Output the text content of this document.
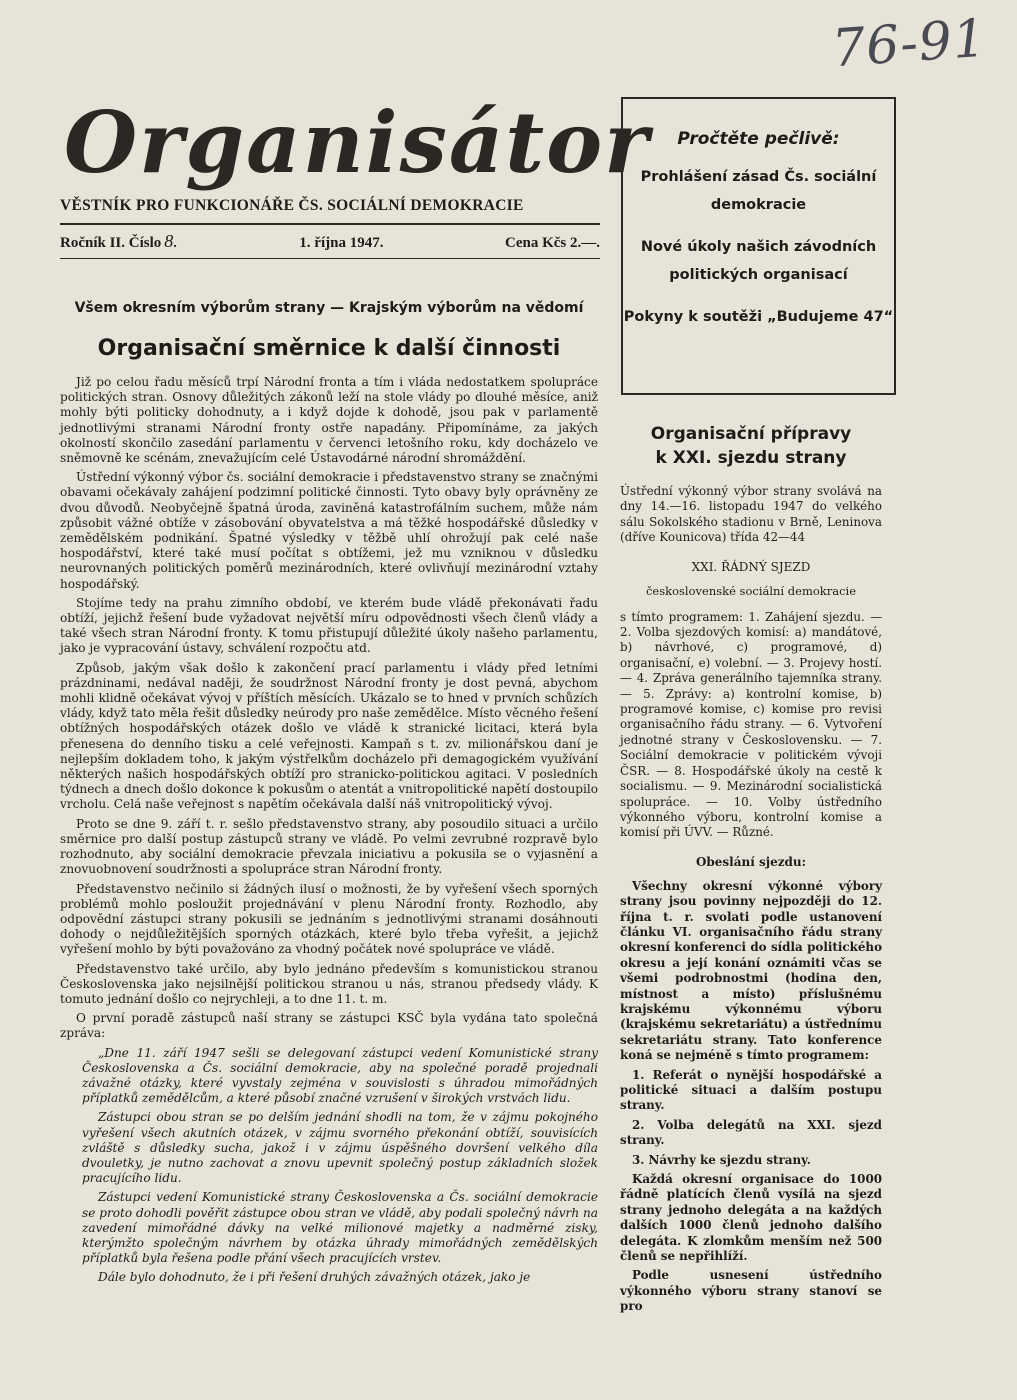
76-91
Organisátor
VĚSTNÍK PRO FUNKCIONÁŘE ČS. SOCIÁLNÍ DEMOKRACIE
Ročník II. Číslo 8.	1. října 1947.	Cena Kčs 2.—.
Pročtěte pečlivě:
Prohlášení zásad Čs. sociální demokracie
Nové úkoly našich závodních politických organisací
Pokyny k soutěži „Budujeme 47“
Všem okresním výborům strany — Krajským výborům na vědomí
Organisační směrnice k další činnosti

Již po celou řadu měsíců trpí Národní fronta a tím i vláda nedostatkem spolupráce politických stran. Osnovy důležitých zákonů leží na stole vlády po dlouhé měsíce, aniž mohly býti politicky dohodnuty, a i když dojde k dohodě, jsou pak v parlamentě jednotlivými stranami Národní fronty ostře napadány. Připomínáme, za jakých okolností skončilo zasedání parlamentu v červenci letošního roku, kdy docházelo ve sněmovně ke scénám, znevažujícím celé Ústavodárné národní shromáždění.

Ústřední výkonný výbor čs. sociální demokracie i představenstvo strany se značnými obavami očekávaly zahájení podzimní politické činnosti. Tyto obavy byly oprávněny ze dvou důvodů. Neobyčejně špatná úroda, zaviněná katastrofálním suchem, může nám způsobit vážné obtíže v zásobování obyvatelstva a má těžké hospodářské důsledky v zemědělském podnikání. Špatné výsledky v těžbě uhlí ohrožují pak celé naše hospodářství, které také musí počítat s obtížemi, jež mu vzniknou v důsledku neurovnaných politických poměrů mezinárodních, které ovlivňují mezinárodní vztahy hospodářský.

Stojíme tedy na prahu zimního období, ve kterém bude vládě překonávati řadu obtíží, jejichž řešení bude vyžadovat největší míru odpovědnosti všech členů vlády a také všech stran Národní fronty. K tomu přistupují důležité úkoly našeho parlamentu, jako je vypracování ústavy, schválení rozpočtu atd.

Způsob, jakým však došlo k zakončení prací parlamentu i vlády před letními prázdninami, nedával naději, že soudržnost Národní fronty je dost pevná, abychom mohli klidně očekávat vývoj v příštích měsících. Ukázalo se to hned v prvních schůzích vlády, když tato měla řešit důsledky neúrody pro naše zemědělce. Místo věcného řešení obtížných hospodářských otázek došlo ve vládě k stranické licitaci, která byla přenesena do denního tisku a celé veřejnosti. Kampaň s t. zv. milionářskou daní je nejlepším dokladem toho, k jakým výstřelkům docházelo při demagogickém využívání některých našich hospodářských obtíží pro stranicko-politickou agitaci. V posledních týdnech a dnech došlo dokonce k pokusům o atentát a vnitropolitické napětí dostoupilo vrcholu. Celá naše veřejnost s napětím očekávala další náš vnitropolitický vývoj.

Proto se dne 9. září t. r. sešlo představenstvo strany, aby posoudilo situaci a určilo směrnice pro další postup zástupců strany ve vládě. Po velmi zevrubné rozpravě bylo rozhodnuto, aby sociální demokracie převzala iniciativu a pokusila se o vyjasnění a znovuobnovení soudržnosti a spolupráce stran Národní fronty.

Představenstvo nečinilo si žádných ilusí o možnosti, že by vyřešení všech sporných problémů mohlo posloužit projednávání v plenu Národní fronty. Rozhodlo, aby odpovědní zástupci strany pokusili se jednáním s jednotlivými stranami dosáhnouti dohody o nejdůležitějších sporných otázkách, které bylo třeba vyřešit, a jejichž vyřešení mohlo by býti považováno za vhodný počátek nové spolupráce ve vládě.

Představenstvo také určilo, aby bylo jednáno především s komunistickou stranou Československa jako nejsilnější politickou stranou u nás, stranou předsedy vlády. K tomuto jednání došlo co nejrychleji, a to dne 11. t. m.

O první poradě zástupců naší strany se zástupci KSČ byla vydána tato společná zpráva:

„Dne 11. září 1947 sešli se delegovaní zástupci vedení Komunistické strany Československa a Čs. sociální demokracie, aby na společné poradě projednali závažné otázky, které vyvstaly zejména v souvislosti s úhradou mimořádných příplatků zemědělcům, a které působí značné vzrušení v širokých vrstvách lidu.

Zástupci obou stran se po delším jednání shodli na tom, že v zájmu pokojného vyřešení všech akutních otázek, v zájmu svorného překonání obtíží, souvisících zvláště s důsledky sucha, jakož i v zájmu úspěšného dovršení velkého díla dvouletky, je nutno zachovat a znovu upevnit společný postup základních složek pracujícího lidu.

Zástupci vedení Komunistické strany Československa a Čs. sociální demokracie se proto dohodli pověřit zástupce obou stran ve vládě, aby podali společný návrh na zavedení mimořádné dávky na velké milionové majetky a nadměrné zisky, kterýmžto společným návrhem by otázka úhrady mimořádných zemědělských příplatků byla řešena podle přání všech pracujících vrstev.

Dále bylo dohodnuto, že i při řešení druhých závažných otázek, jako je

Organisační přípravy
k XXI. sjezdu strany

Ústřední výkonný výbor strany svolává na dny 14.—16. listopadu 1947 do velkého sálu Sokolského stadionu v Brně, Leninova (dříve Kounicova) třída 42—44

XXI. ŘÁDNÝ SJEZD
československé sociální demokracie

s tímto programem: 1. Zahájení sjezdu. — 2. Volba sjezdových komisí: a) mandátové, b) návrhové, c) programové, d) organisační, e) volební. — 3. Projevy hostí. — 4. Zpráva generálního tajemníka strany. — 5. Zprávy: a) kontrolní komise, b) programové komise, c) komise pro revisi organisačního řádu strany. — 6. Vytvoření jednotné strany v Československu. — 7. Sociální demokracie v politickém vývoji ČSR. — 8. Hospodářské úkoly na cestě k socialismu. — 9. Mezinárodní socialistická spolupráce. — 10. Volby ústředního výkonného výboru, kontrolní komise a komisí při ÚVV. — Různé.

Obeslání sjezdu:

Všechny okresní výkonné výbory strany jsou povinny nejpozději do 12. října t. r. svolati podle ustanovení článku VI. organisačního řádu strany okresní konferenci do sídla politického okresu a její konání oznámiti včas se všemi podrobnostmi (hodina den, místnost a místo) příslušnému krajskému výkonnému výboru (krajskému sekretariátu) a ústřednímu sekretariátu strany. Tato konference koná se nejméně s tímto programem:

1. Referát o nynější hospodářské a politické situaci a dalším postupu strany.

2. Volba delegátů na XXI. sjezd strany.

3. Návrhy ke sjezdu strany.

Každá okresní organisace do 1000 řádně platících členů vysílá na sjezd strany jednoho delegáta a na každých dalších 1000 členů jednoho dalšího delegáta. K zlomkům menším než 500 členů se nepřihlíží.

Podle usnesení ústředního výkonného výboru strany stanoví se pro
